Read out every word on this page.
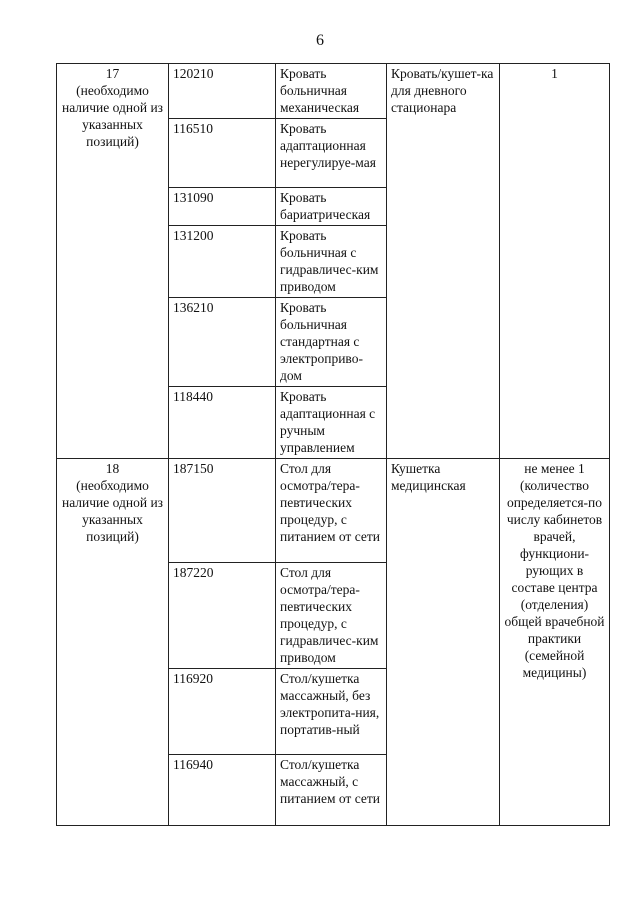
6
17
(необходимо наличие одной из указанных позиций)	120210	Кровать больничная механическая	Кровать/кушет-ка для дневного стационара	1
	116510	Кровать адаптационная нерегулируе-мая		
	131090	Кровать бариатрическая		
	131200	Кровать больничная с гидравличес-ким приводом		
	136210	Кровать больничная стандартная с электроприво-дом		
	118440	Кровать адаптационная с ручным управлением		

18
(необходимо наличие одной из указанных позиций)	187150	Стол для осмотра/тера-певтических процедур, с питанием от сети	Кушетка медицинская	не менее 1 (количество определяется-по числу кабинетов врачей, функциони-рующих в составе центра (отделения) общей врачебной практики (семейной медицины)
	187220	Стол для осмотра/тера-певтических процедур, с гидравличес-ким приводом		
	116920	Стол/кушетка массажный, без электропита-ния, портатив-ный		
	116940	Стол/кушетка массажный, с питанием от сети		
